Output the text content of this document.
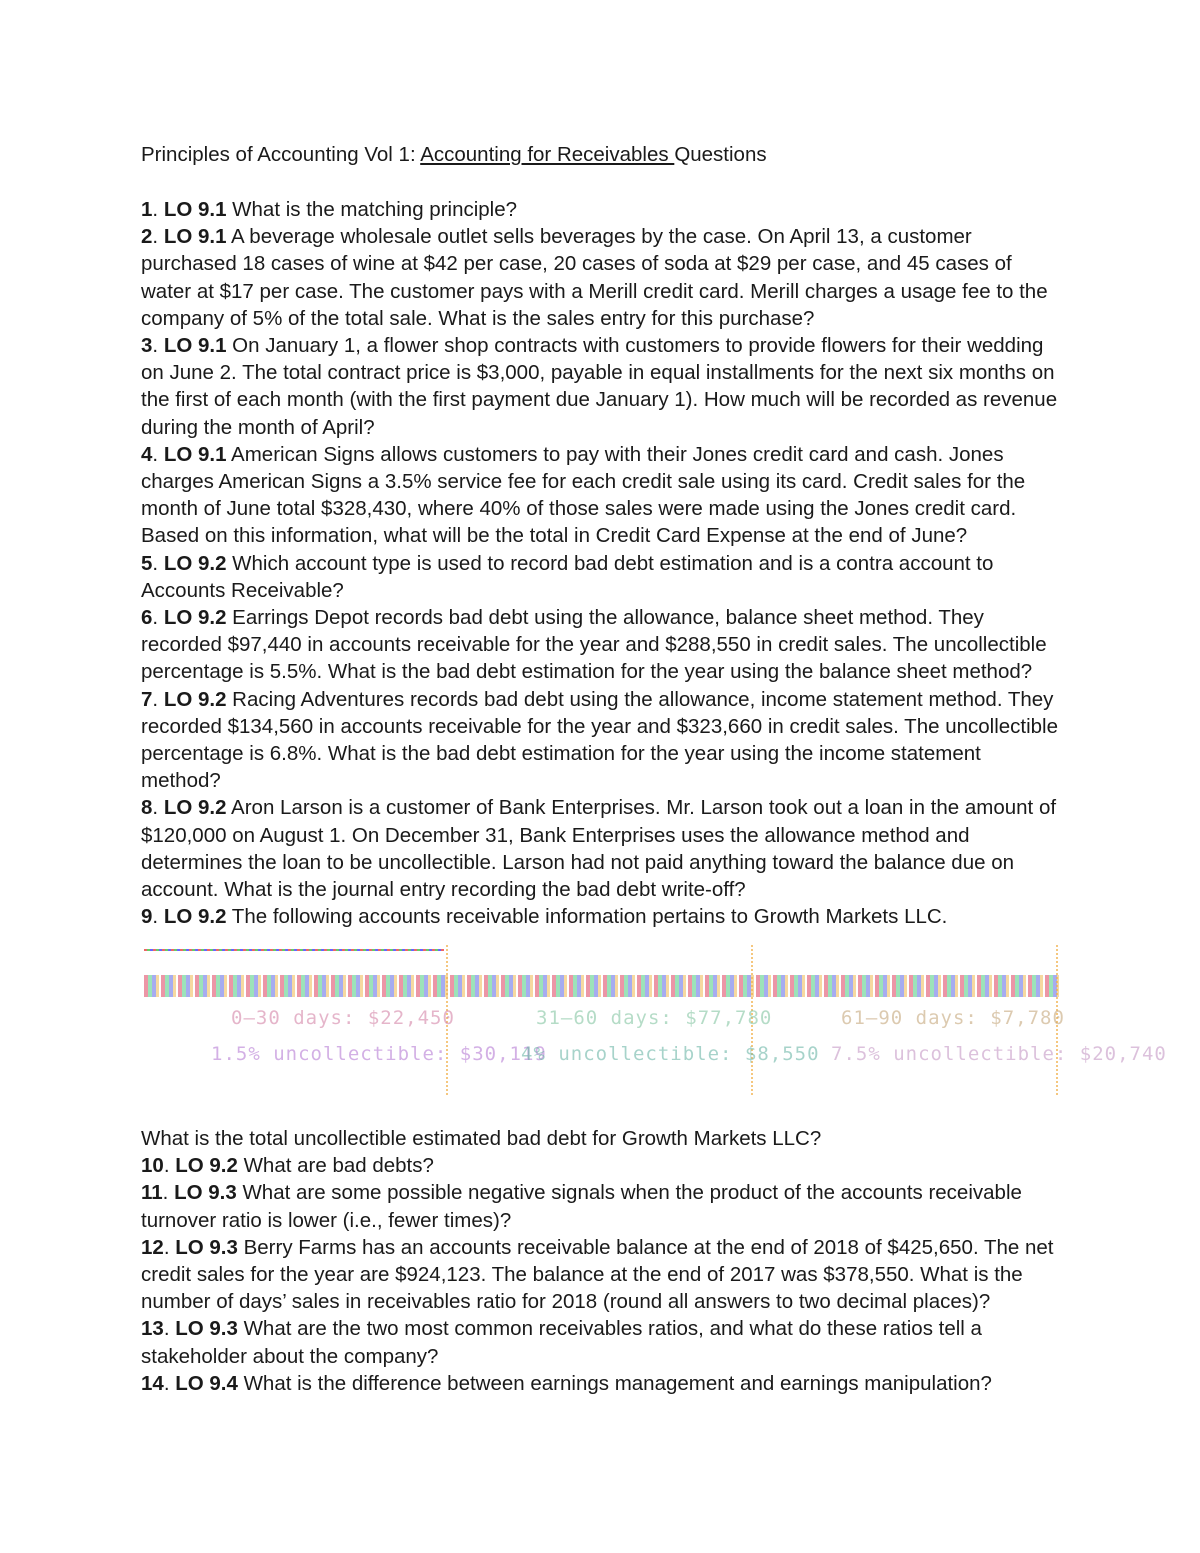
Principles of Accounting Vol 1: Accounting for Receivables Questions

1. LO 9.1 What is the matching principle?

2. LO 9.1 A beverage wholesale outlet sells beverages by the case. On April 13, a customer purchased 18 cases of wine at $42 per case, 20 cases of soda at $29 per case, and 45 cases of water at $17 per case. The customer pays with a Merill credit card. Merill charges a usage fee to the company of 5% of the total sale. What is the sales entry for this purchase?

3. LO 9.1 On January 1, a flower shop contracts with customers to provide flowers for their wedding on June 2. The total contract price is $3,000, payable in equal installments for the next six months on the first of each month (with the first payment due January 1). How much will be recorded as revenue during the month of April?

4. LO 9.1 American Signs allows customers to pay with their Jones credit card and cash. Jones charges American Signs a 3.5% service fee for each credit sale using its card. Credit sales for the month of June total $328,430, where 40% of those sales were made using the Jones credit card. Based on this information, what will be the total in Credit Card Expense at the end of June?

5. LO 9.2 Which account type is used to record bad debt estimation and is a contra account to Accounts Receivable?

6. LO 9.2 Earrings Depot records bad debt using the allowance, balance sheet method. They recorded $97,440 in accounts receivable for the year and $288,550 in credit sales. The uncollectible percentage is 5.5%. What is the bad debt estimation for the year using the balance sheet method?

7. LO 9.2 Racing Adventures records bad debt using the allowance, income statement method. They recorded $134,560 in accounts receivable for the year and $323,660 in credit sales. The uncollectible percentage is 6.8%. What is the bad debt estimation for the year using the income statement method?

8. LO 9.2 Aron Larson is a customer of Bank Enterprises. Mr. Larson took out a loan in the amount of $120,000 on August 1. On December 31, Bank Enterprises uses the allowance method and determines the loan to be uncollectible. Larson had not paid anything toward the balance due on account. What is the journal entry recording the bad debt write-off?

9. LO 9.2 The following accounts receivable information pertains to Growth Markets LLC.

0–30 days: $22,450	31–60 days: $77,780	61–90 days: $7,780
1.5% uncollectible: $30,119
4% uncollectible: $8,550 7.5% uncollectible: $20,740

What is the total uncollectible estimated bad debt for Growth Markets LLC?

10. LO 9.2 What are bad debts?

11. LO 9.3 What are some possible negative signals when the product of the accounts receivable turnover ratio is lower (i.e., fewer times)?

12. LO 9.3 Berry Farms has an accounts receivable balance at the end of 2018 of $425,650. The net credit sales for the year are $924,123. The balance at the end of 2017 was $378,550. What is the number of days’ sales in receivables ratio for 2018 (round all answers to two decimal places)?

13. LO 9.3 What are the two most common receivables ratios, and what do these ratios tell a stakeholder about the company?

14. LO 9.4 What is the difference between earnings management and earnings manipulation?
